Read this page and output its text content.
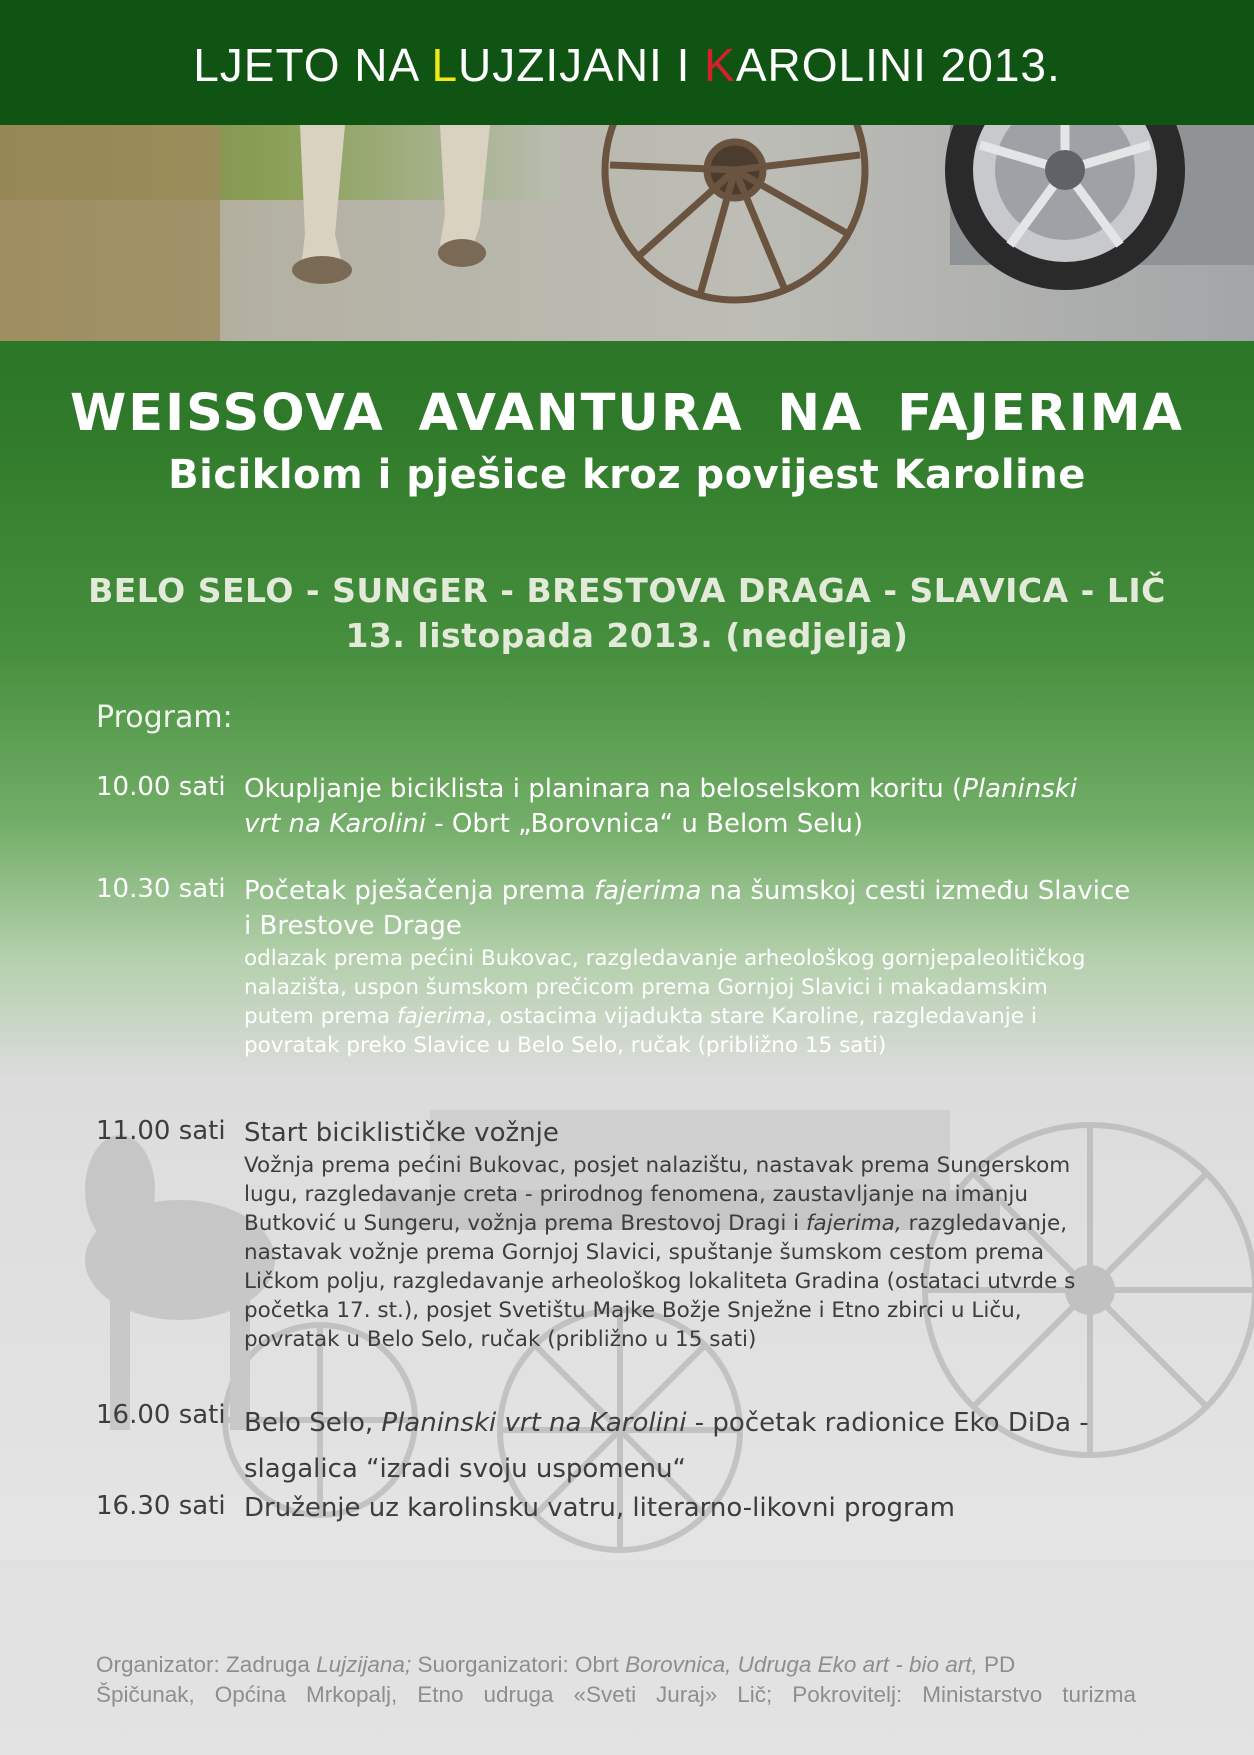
LJETO NA LUJZIJANI I KAROLINI 2013.
WEISSOVA AVANTURA NA FAJERIMA
Biciklom i pješice kroz povijest Karoline
BELO SELO - SUNGER - BRESTOVA DRAGA - SLAVICA - LIČ
13. listopada 2013. (nedjelja)
Program:
10.00 sati Okupljanje biciklista i planinara na beloselskom koritu (Planinski
vrt na Karolini - Obrt „Borovnica“ u Belom Selu)
10.30 sati Početak pješačenja prema fajerima na šumskoj cesti između Slavice
i Brestove Drage
odlazak prema pećini Bukovac, razgledavanje arheološkog gornjepaleolitičkog
nalazišta, uspon šumskom prečicom prema Gornjoj Slavici i makadamskim
putem prema fajerima, ostacima vijadukta stare Karoline, razgledavanje i
povratak preko Slavice u Belo Selo, ručak (približno 15 sati)
11.00 sati Start biciklističke vožnje
Vožnja prema pećini Bukovac, posjet nalazištu, nastavak prema Sungerskom
lugu, razgledavanje creta - prirodnog fenomena, zaustavljanje na imanju
Butković u Sungeru, vožnja prema Brestovoj Dragi i fajerima, razgledavanje,
nastavak vožnje prema Gornjoj Slavici, spuštanje šumskom cestom prema
Ličkom polju, razgledavanje arheološkog lokaliteta Gradina (ostataci utvrde s
početka 17. st.), posjet Svetištu Majke Božje Snježne i Etno zbirci u Liču,
povratak u Belo Selo, ručak (približno u 15 sati)
16.00 sati Belo Selo, Planinski vrt na Karolini - početak radionice Eko DiDa -
slagalica “izradi svoju uspomenu“
16.30 sati Druženje uz karolinsku vatru, literarno-likovni program
Organizator: Zadruga Lujzijana; Suorganizatori: Obrt Borovnica, Udruga Eko art - bio art, PD
Špičunak, Općina Mrkopalj, Etno udruga «Sveti Juraj» Lič; Pokrovitelj: Ministarstvo turizma
